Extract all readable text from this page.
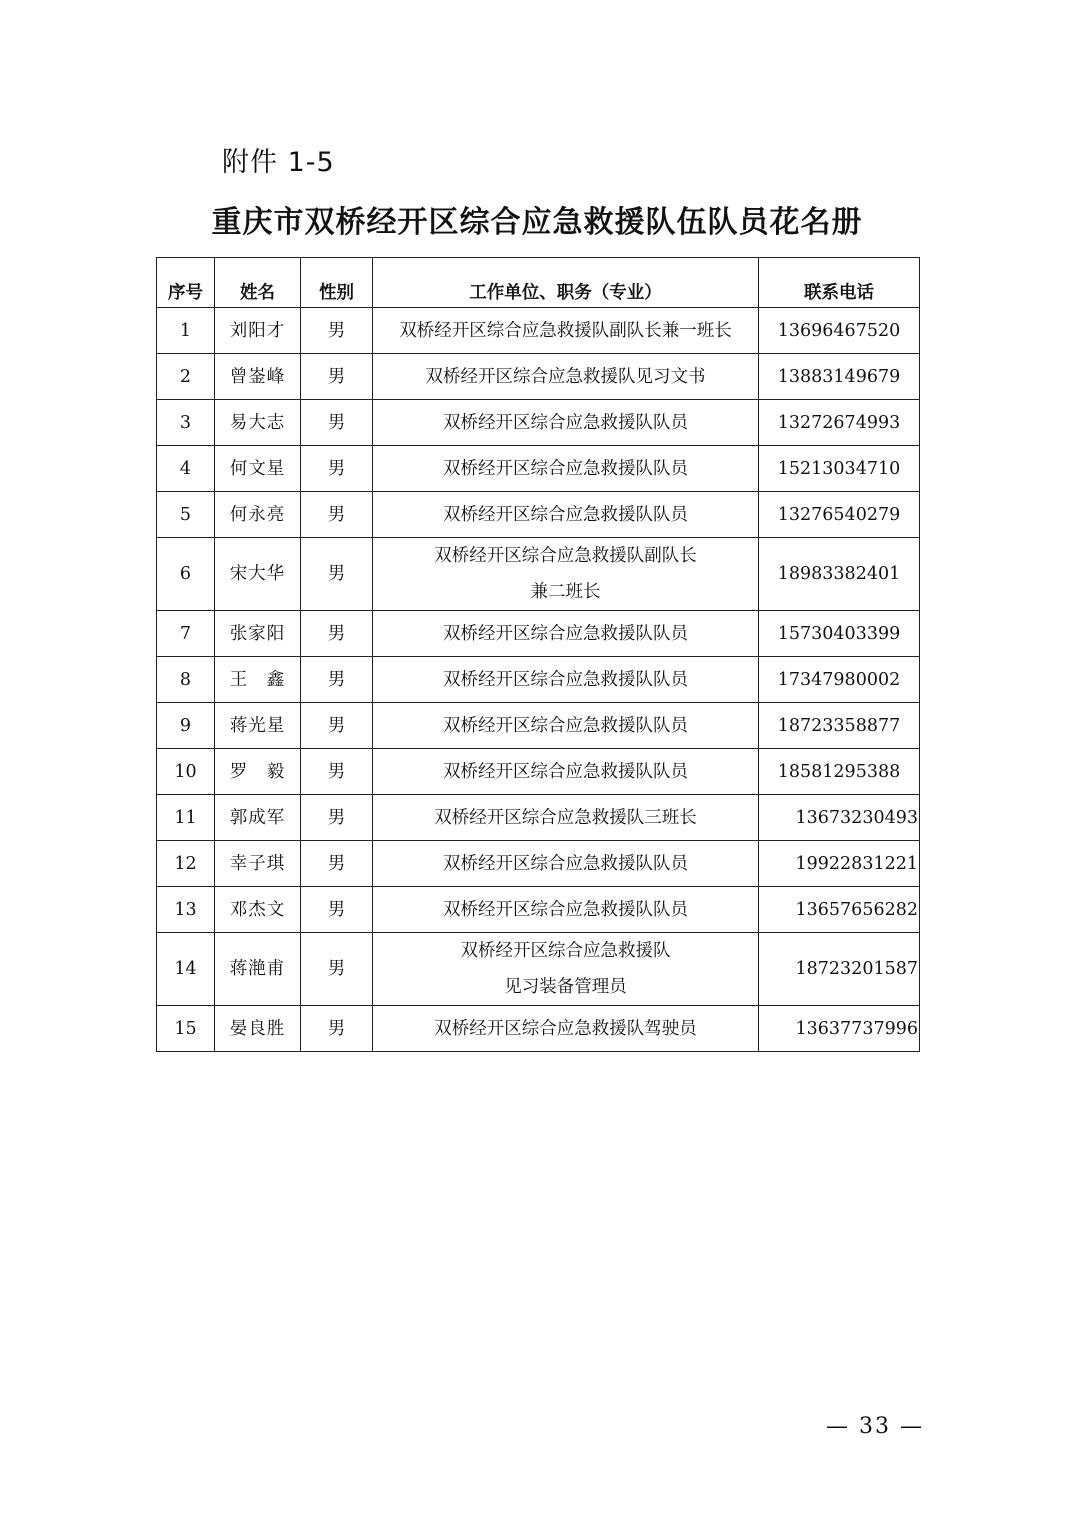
附件 1-5
重庆市双桥经开区综合应急救援队伍队员花名册
序号	姓名	性别	工作单位、职务（专业）	联系电话
1	刘阳才	男	双桥经开区综合应急救援队副队长兼一班长	13696467520
2	曾崟峰	男	双桥经开区综合应急救援队见习文书	13883149679
3	易大志	男	双桥经开区综合应急救援队队员	13272674993
4	何文星	男	双桥经开区综合应急救援队队员	15213034710
5	何永亮	男	双桥经开区综合应急救援队队员	13276540279
6	宋大华	男	双桥经开区综合应急救援队副队长
兼二班长	18983382401
7	张家阳	男	双桥经开区综合应急救援队队员	15730403399
8	王　鑫	男	双桥经开区综合应急救援队队员	17347980002
9	蒋光星	男	双桥经开区综合应急救援队队员	18723358877
10	罗　毅	男	双桥经开区综合应急救援队队员	18581295388
11	郭成军	男	双桥经开区综合应急救援队三班长	13673230493
12	幸子琪	男	双桥经开区综合应急救援队队员	19922831221
13	邓杰文	男	双桥经开区综合应急救援队队员	13657656282
14	蒋滟甫	男	双桥经开区综合应急救援队
见习装备管理员	18723201587
15	晏良胜	男	双桥经开区综合应急救援队驾驶员	13637737996
— 33 —
